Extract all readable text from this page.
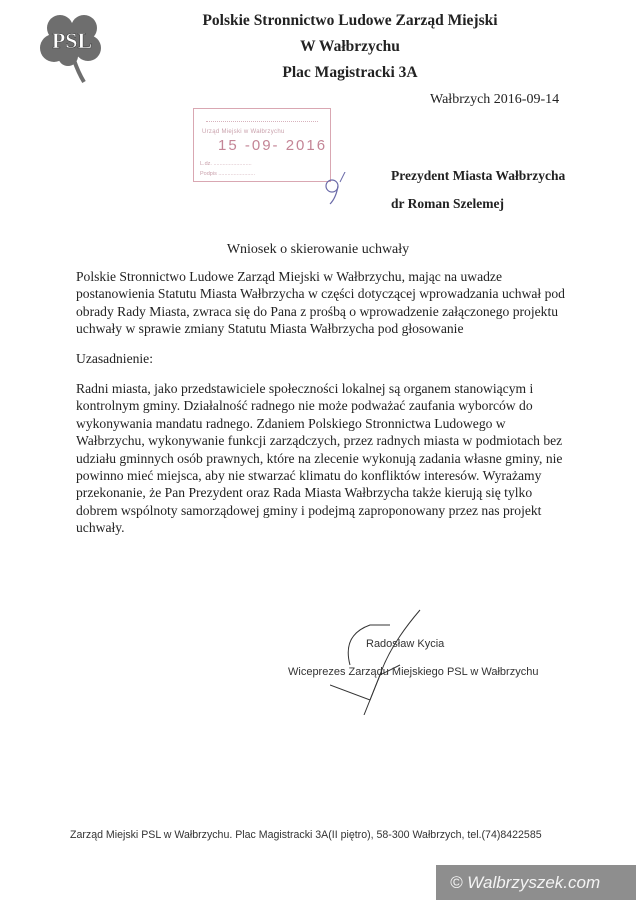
PSL
Polskie Stronnictwo Ludowe Zarząd Miejski
W Wałbrzychu
Plac Magistracki 3A
Wałbrzych 2016-09-14
Urząd Miejski w Wałbrzychu
15 -09- 2016
L.dz. .........................
Podpis ........................	Prezydent Miasta Wałbrzycha
dr Roman Szelemej
Wniosek o skierowanie uchwały
Polskie Stronnictwo Ludowe Zarząd Miejski w Wałbrzychu, mając na uwadze postanowienia Statutu Miasta Wałbrzycha w części dotyczącej wprowadzania uchwał pod obrady Rady Miasta, zwraca się do Pana z prośbą o wprowadzenie załączonego projektu uchwały w sprawie zmiany Statutu Miasta Wałbrzycha pod głosowanie
Uzasadnienie:
Radni miasta, jako przedstawiciele społeczności lokalnej są organem stanowiącym i kontrolnym gminy. Działalność radnego nie może podważać zaufania wyborców do wykonywania mandatu radnego. Zdaniem Polskiego Stronnictwa Ludowego w Wałbrzychu, wykonywanie funkcji zarządczych, przez radnych miasta w podmiotach bez udziału gminnych osób prawnych, które na zlecenie wykonują zadania własne gminy, nie powinno mieć miejsca, aby nie stwarzać klimatu do konfliktów interesów. Wyrażamy przekonanie, że Pan Prezydent oraz Rada Miasta Wałbrzycha także kierują się tylko dobrem wspólnoty samorządowej gminy i podejmą zaproponowany przez nas projekt uchwały.
Radosław Kycia
Wiceprezes Zarządu Miejskiego PSL w Wałbrzychu
Zarząd Miejski PSL w Wałbrzychu. Plac Magistracki 3A(II piętro), 58-300 Wałbrzych, tel.(74)8422585
© Walbrzyszek.com
